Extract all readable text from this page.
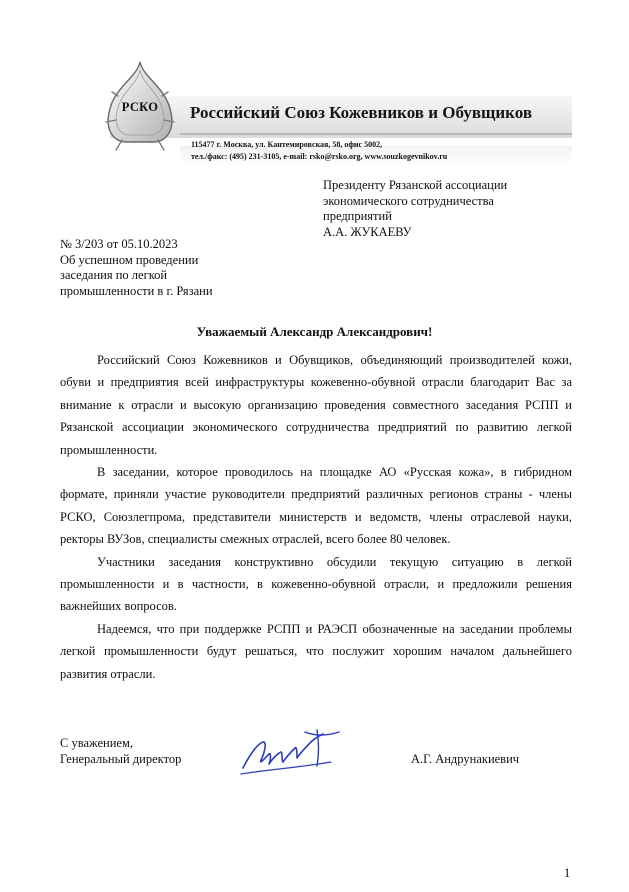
РСКО	Российский Союз Кожевников и Обувщиков
115477 г. Москва, ул. Кантемировская, 58, офис 5002,
тел./факс: (495) 231-3105, e-mail: rsko@rsko.org, www.souzkogevnikov.ru
Президенту Рязанской ассоциации
экономического сотрудничества
предприятий
А.А. ЖУКАЕВУ
№ 3/203 от 05.10.2023
Об успешном проведении
заседания по легкой
промышленности в г. Рязани
Уважаемый Александр Александрович!

Российский Союз Кожевников и Обувщиков, объединяющий производителей кожи, обуви и предприятия всей инфраструктуры кожевенно-обувной отрасли благодарит Вас за внимание к отрасли и высокую организацию проведения совместного заседания РСПП и Рязанской ассоциации экономического сотрудничества предприятий по развитию легкой промышленности.

В заседании, которое проводилось на площадке АО «Русская кожа», в гибридном формате, приняли участие руководители предприятий различных регионов страны - члены РСКО, Союзлегпрома, представители министерств и ведомств, члены отраслевой науки, ректоры ВУЗов, специалисты смежных отраслей, всего более 80 человек.

Участники заседания конструктивно обсудили текущую ситуацию в легкой промышленности и в частности, в кожевенно-обувной отрасли, и предложили решения важнейших вопросов.

Надеемся, что при поддержке РСПП и РАЭСП обозначенные на заседании проблемы легкой промышленности будут решаться, что послужит хорошим началом дальнейшего развития отрасли.

С уважением,
Генеральный директор	А.Г. Андрунакиевич
1
